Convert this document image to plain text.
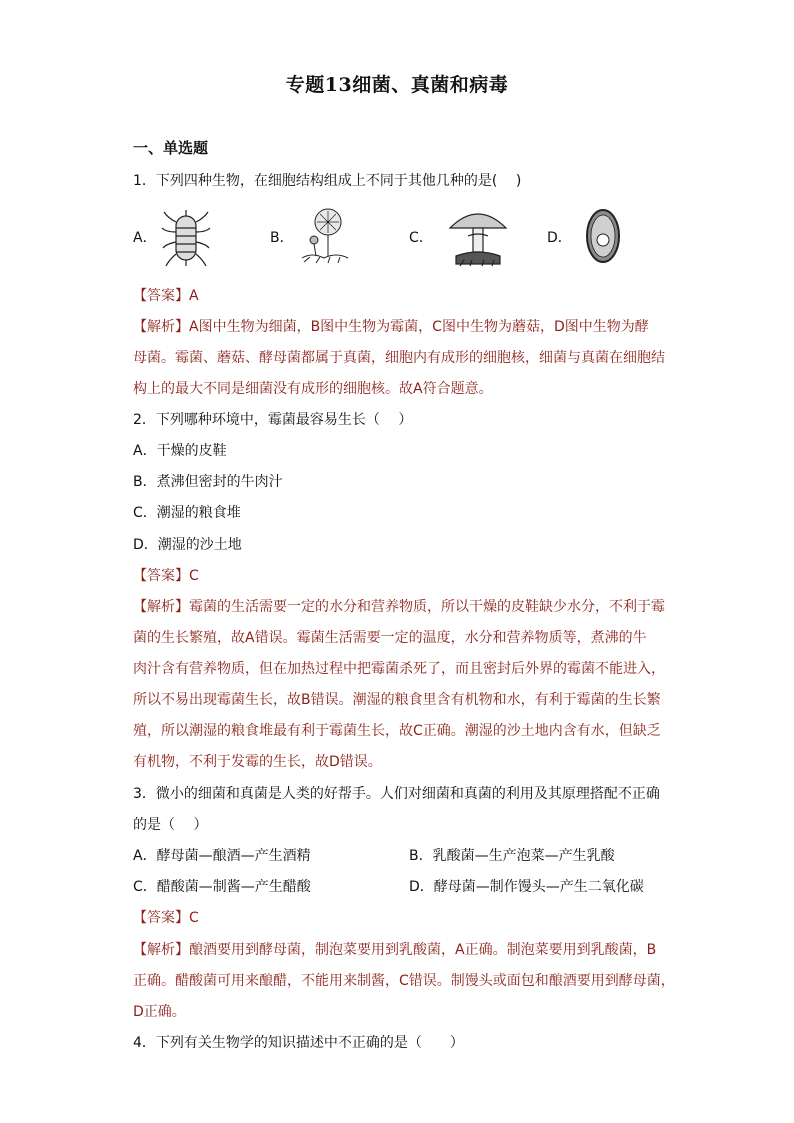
专题13细菌、真菌和病毒
一、单选题
1．下列四种生物，在细胞结构组成上不同于其他几种的是(　 )
A．	B．	C．	D．
【答案】A
【解析】A图中生物为细菌，B图中生物为霉菌，C图中生物为蘑菇，D图中生物为酵
母菌。霉菌、蘑菇、酵母菌都属于真菌，细胞内有成形的细胞核，细菌与真菌在细胞结
构上的最大不同是细菌没有成形的细胞核。故A符合题意。
2．下列哪种环境中，霉菌最容易生长（　 ）
A．干燥的皮鞋
B．煮沸但密封的牛肉汁
C．潮湿的粮食堆
D．潮湿的沙土地
【答案】C
【解析】霉菌的生活需要一定的水分和营养物质，所以干燥的皮鞋缺少水分，不利于霉
菌的生长繁殖，故A错误。霉菌生活需要一定的温度，水分和营养物质等，煮沸的牛
肉汁含有营养物质，但在加热过程中把霉菌杀死了，而且密封后外界的霉菌不能进入，
所以不易出现霉菌生长，故B错误。潮湿的粮食里含有机物和水，有利于霉菌的生长繁
殖，所以潮湿的粮食堆最有利于霉菌生长，故C正确。潮湿的沙土地内含有水，但缺乏
有机物，不利于发霉的生长，故D错误。
3．微小的细菌和真菌是人类的好帮手。人们对细菌和真菌的利用及其原理搭配不正确
的是（　 ）
A．酵母菌—酿酒—产生酒精	B．乳酸菌—生产泡菜—产生乳酸
C．醋酸菌—制酱—产生醋酸	D．酵母菌—制作馒头—产生二氧化碳
【答案】C
【解析】酿酒要用到酵母菌，制泡菜要用到乳酸菌，A正确。制泡菜要用到乳酸菌，B
正确。醋酸菌可用来酿醋，不能用来制酱，C错误。制馒头或面包和酿酒要用到酵母菌，
D正确。
4．下列有关生物学的知识描述中不正确的是（　　）
